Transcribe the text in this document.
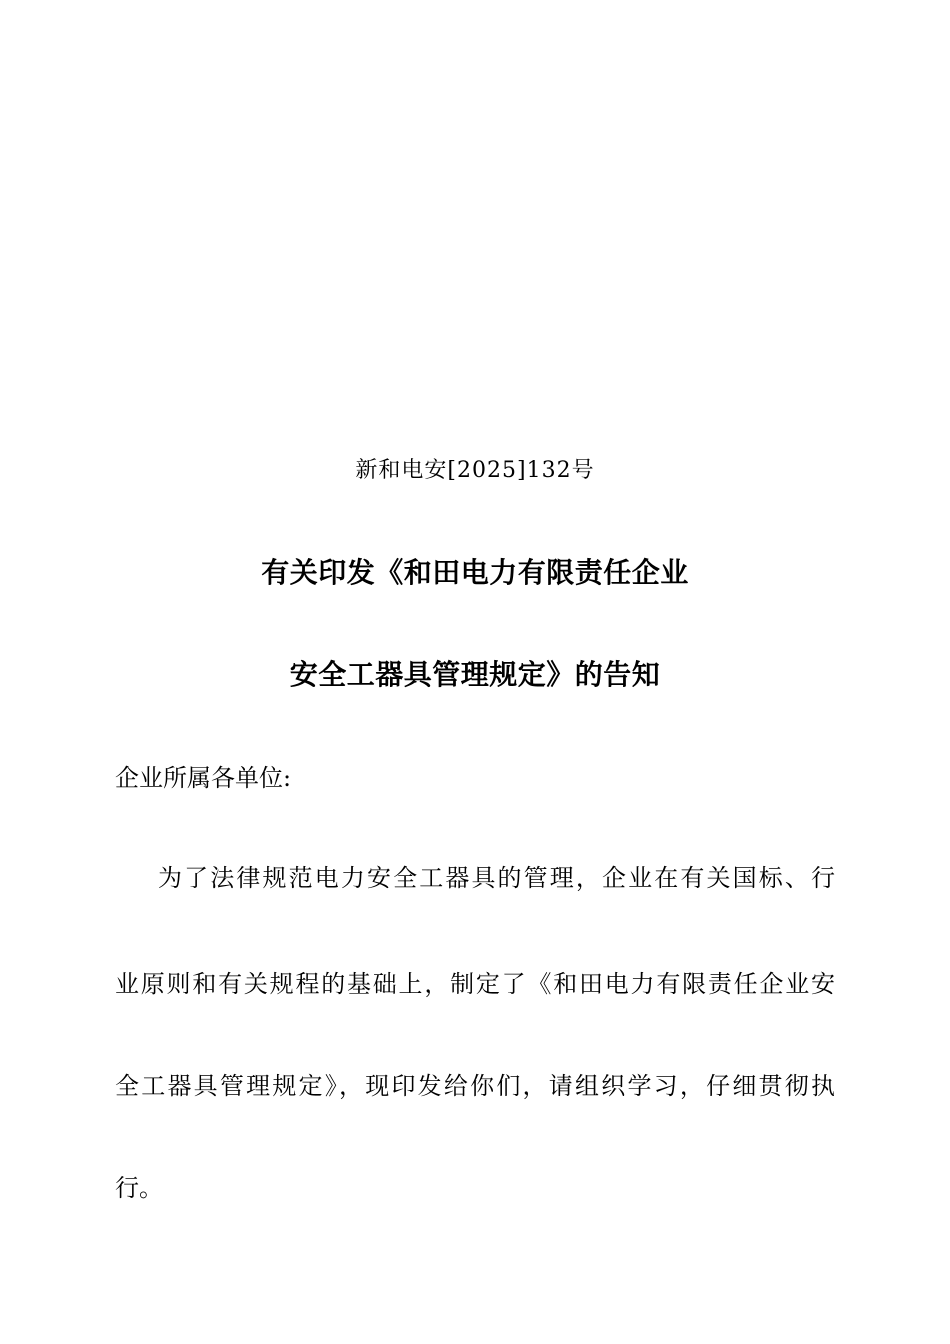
新和电安[2025]132号
有关印发《和田电力有限责任企业
安全工器具管理规定》的告知
企业所属各单位:
为了法律规范电力安全工器具的管理，企业在有关国标、行
业原则和有关规程的基础上，制定了《和田电力有限责任企业安
全工器具管理规定》，现印发给你们，请组织学习，仔细贯彻执
行。
